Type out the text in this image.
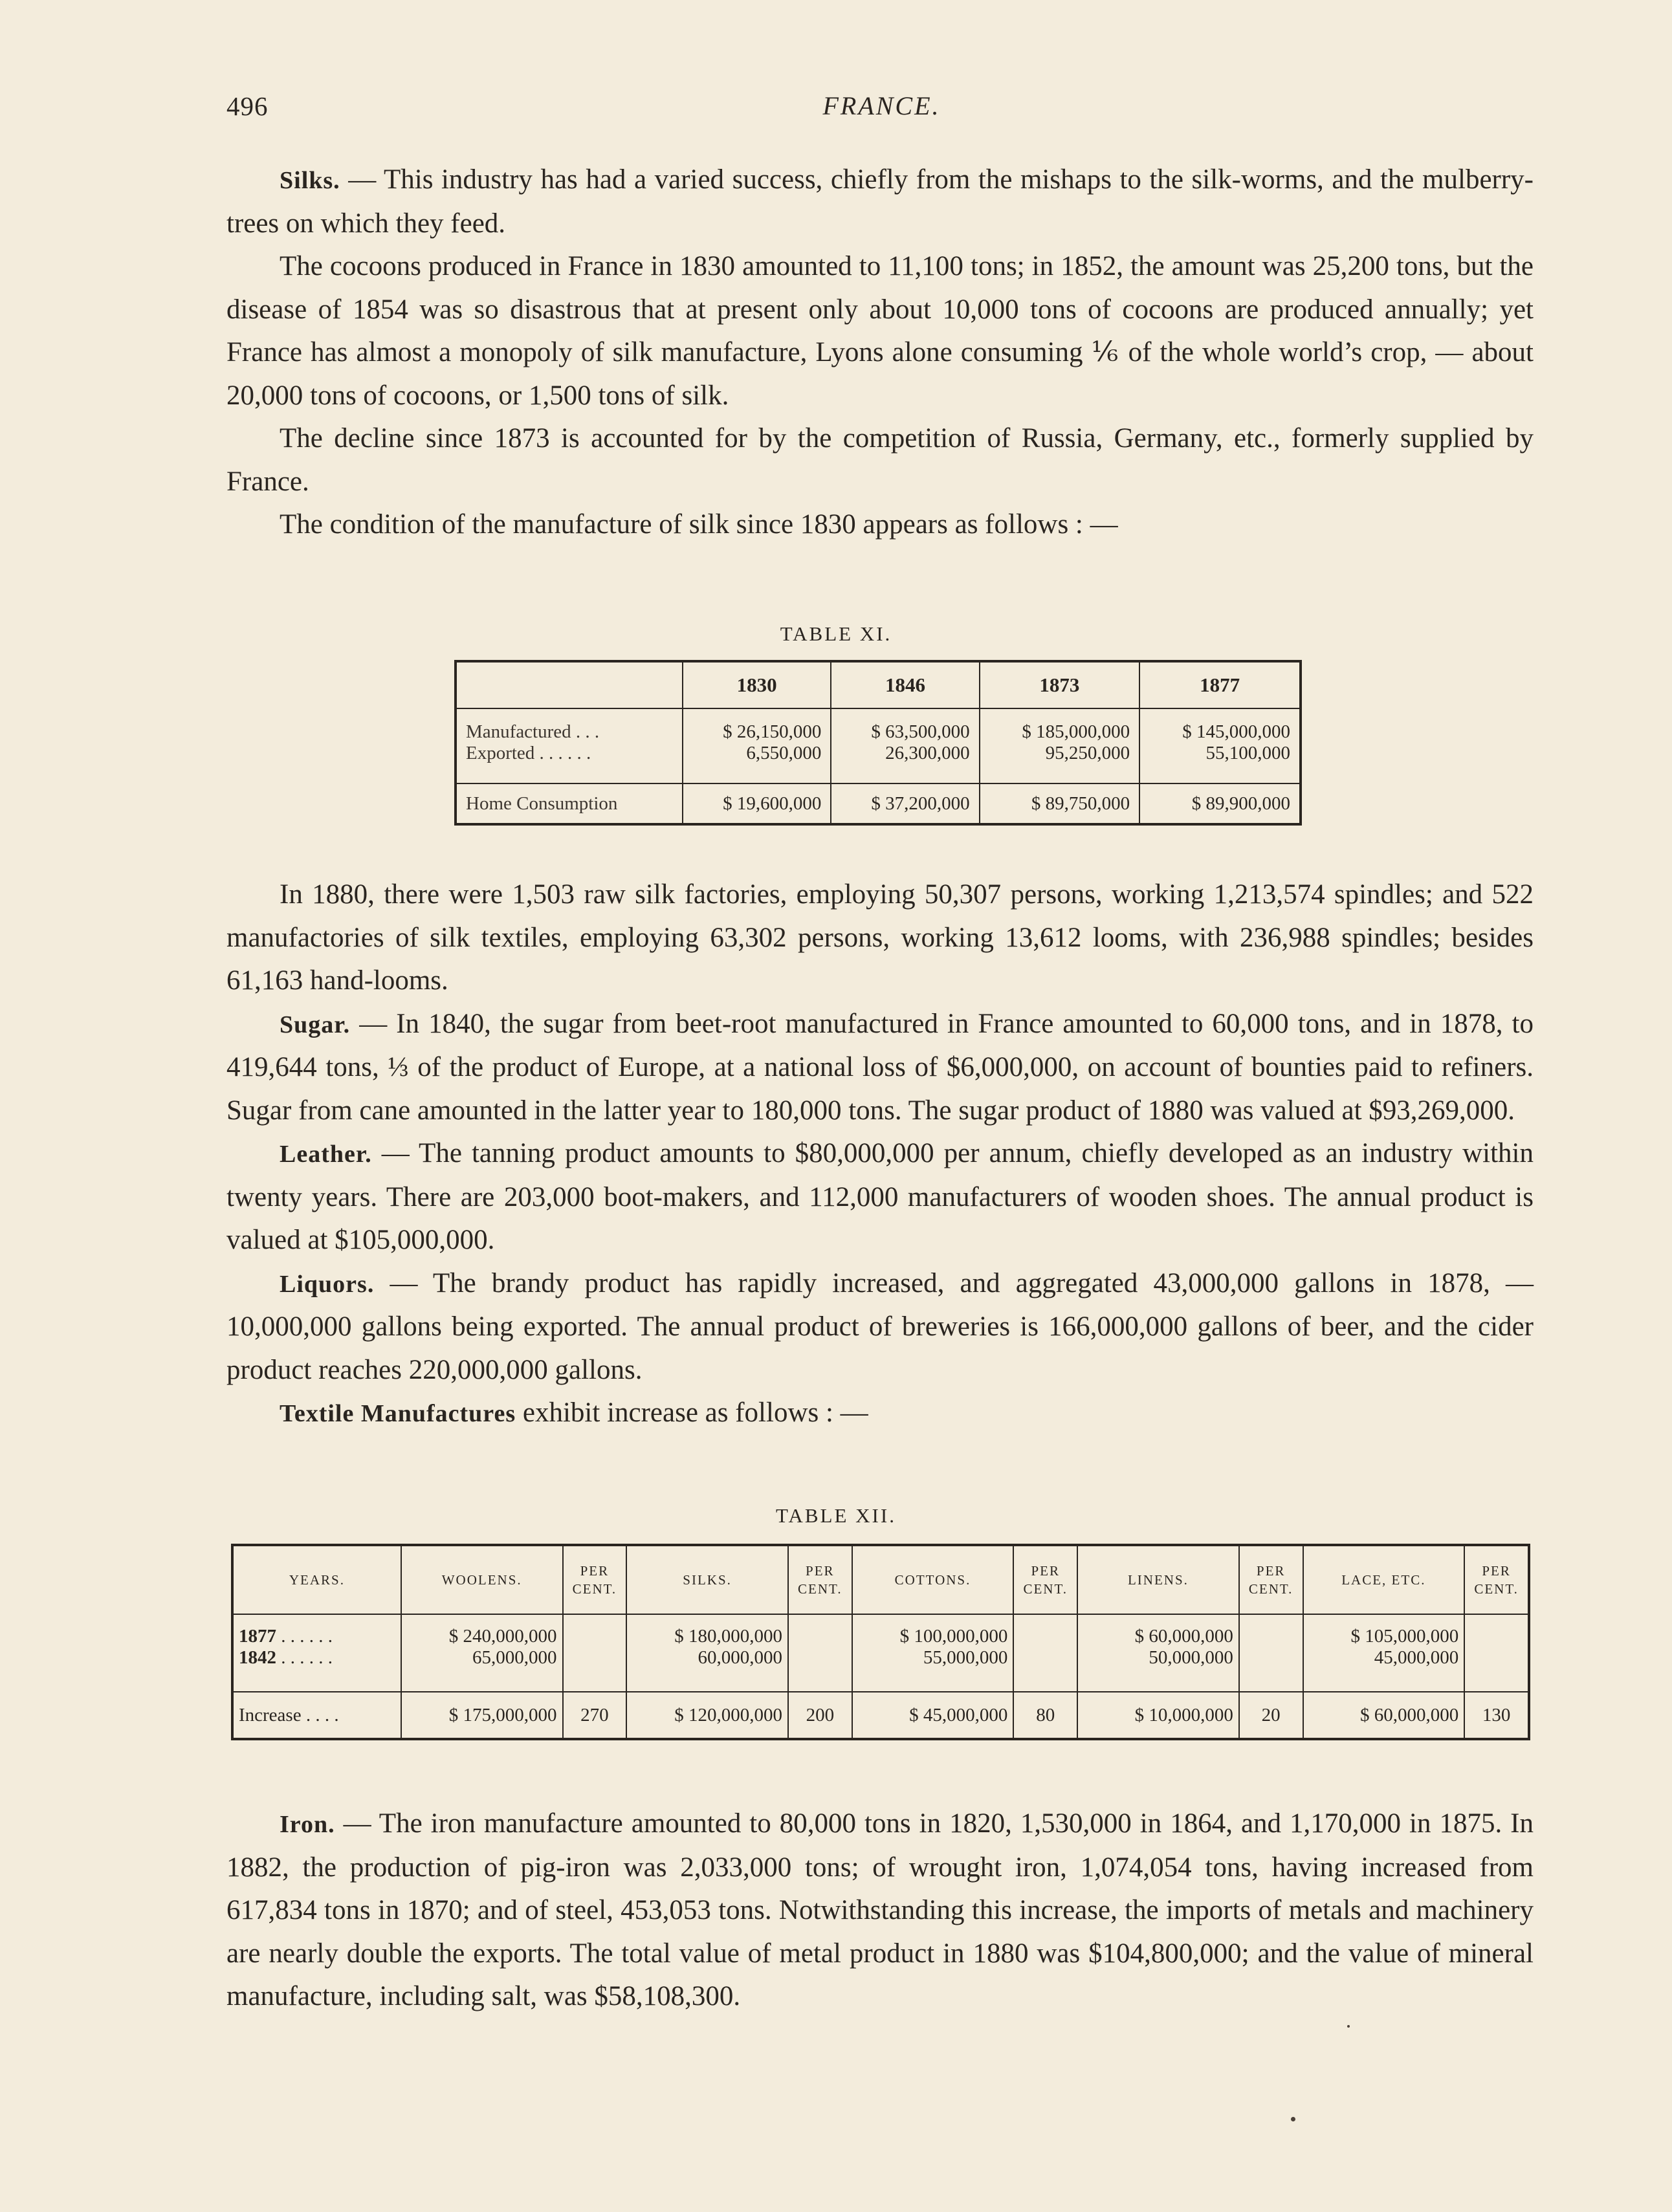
496	FRANCE.

Silks. — This industry has had a varied success, chiefly from the mishaps to the silk-worms, and the mulberry-trees on which they feed.

The cocoons produced in France in 1830 amounted to 11,100 tons; in 1852, the amount was 25,200 tons, but the disease of 1854 was so disastrous that at present only about 10,000 tons of cocoons are produced annually; yet France has almost a monopoly of silk manufacture, Lyons alone consuming ⅙ of the whole world’s crop, — about 20,000 tons of cocoons, or 1,500 tons of silk.

The decline since 1873 is accounted for by the competition of Russia, Germany, etc., formerly supplied by France.

The condition of the manufacture of silk since 1830 appears as follows : —

TABLE XI.
	1830	1846	1873	1877
Manufactured . . .	$ 26,150,000	$ 63,500,000	$ 185,000,000	$ 145,000,000
Exported . . . . . .	6,550,000	26,300,000	95,250,000	55,100,000
Home Consumption	$ 19,600,000	$ 37,200,000	$ 89,750,000	$ 89,900,000

In 1880, there were 1,503 raw silk factories, employing 50,307 persons, working 1,213,574 spindles; and 522 manufactories of silk textiles, employing 63,302 persons, working 13,612 looms, with 236,988 spindles; besides 61,163 hand-looms.

Sugar. — In 1840, the sugar from beet-root manufactured in France amounted to 60,000 tons, and in 1878, to 419,644 tons, ⅓ of the product of Europe, at a national loss of $6,000,000, on account of bounties paid to refiners. Sugar from cane amounted in the latter year to 180,000 tons. The sugar product of 1880 was valued at $93,269,000.

Leather. — The tanning product amounts to $80,000,000 per annum, chiefly developed as an industry within twenty years. There are 203,000 boot-makers, and 112,000 manufacturers of wooden shoes. The annual product is valued at $105,000,000.

Liquors. — The brandy product has rapidly increased, and aggregated 43,000,000 gallons in 1878, — 10,000,000 gallons being exported. The annual product of breweries is 166,000,000 gallons of beer, and the cider product reaches 220,000,000 gallons.

Textile Manufactures exhibit increase as follows : —

TABLE XII.
YEARS.	WOOLENS.	PER CENT.	SILKS.	PER CENT.	COTTONS.	PER CENT.	LINENS.	PER CENT.	LACE, ETC.	PER CENT.
1877 . . . . . .	$ 240,000,000		$ 180,000,000		$ 100,000,000		$ 60,000,000		$ 105,000,000	
1842 . . . . . .	65,000,000		60,000,000		55,000,000		50,000,000		45,000,000	
Increase . . . .	$ 175,000,000	270	$ 120,000,000	200	$ 45,000,000	80	$ 10,000,000	20	$ 60,000,000	130

Iron. — The iron manufacture amounted to 80,000 tons in 1820, 1,530,000 in 1864, and 1,170,000 in 1875. In 1882, the production of pig-iron was 2,033,000 tons; of wrought iron, 1,074,054 tons, having increased from 617,834 tons in 1870; and of steel, 453,053 tons. Notwithstanding this increase, the imports of metals and machinery are nearly double the exports. The total value of metal product in 1880 was $104,800,000; and the value of mineral manufacture, including salt, was $58,108,300.
